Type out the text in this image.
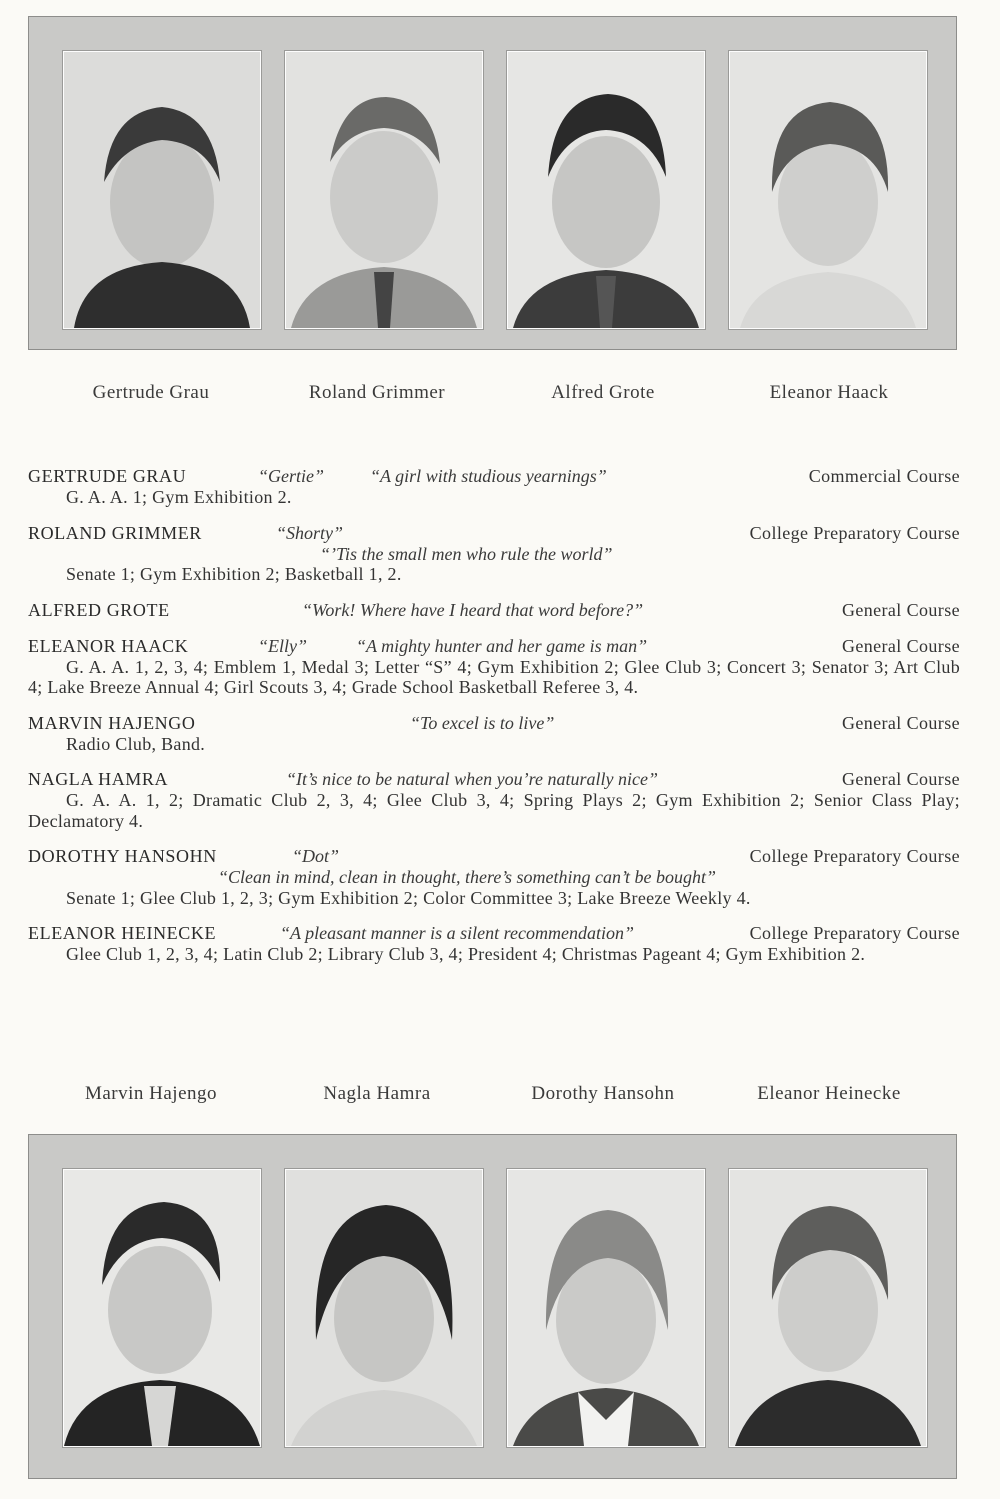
Gertrude Grau	Roland Grimmer	Alfred Grote	Eleanor Haack
GERTRUDE GRAU	“Gertie”	“A girl with studious yearnings”	Commercial Course
G. A. A. 1; Gym Exhibition 2.
ROLAND GRIMMER	“Shorty”	College Preparatory Course
“’Tis the small men who rule the world”
Senate 1; Gym Exhibition 2; Basketball 1, 2.
ALFRED GROTE	“Work! Where have I heard that word before?”	General Course
ELEANOR HAACK	“Elly”	“A mighty hunter and her game is man”	General Course
G. A. A. 1, 2, 3, 4; Emblem 1, Medal 3; Letter “S” 4; Gym Exhibition 2; Glee Club 3; Concert 3; Senator 3; Art Club 4; Lake Breeze Annual 4; Girl Scouts 3, 4; Grade School Basketball Referee 3, 4.
MARVIN HAJENGO	“To excel is to live”	General Course
Radio Club, Band.
NAGLA HAMRA	“It’s nice to be natural when you’re naturally nice”	General Course
G. A. A. 1, 2; Dramatic Club 2, 3, 4; Glee Club 3, 4; Spring Plays 2; Gym Exhibition 2; Senior Class Play; Declamatory 4.
DOROTHY HANSOHN	“Dot”	College Preparatory Course
“Clean in mind, clean in thought, there’s something can’t be bought”
Senate 1; Glee Club 1, 2, 3; Gym Exhibition 2; Color Committee 3; Lake Breeze Weekly 4.
ELEANOR HEINECKE	“A pleasant manner is a silent recommendation”	College Preparatory Course
Glee Club 1, 2, 3, 4; Latin Club 2; Library Club 3, 4; President 4; Christmas Pageant 4; Gym Exhibition 2.
Marvin Hajengo	Nagla Hamra	Dorothy Hansohn	Eleanor Heinecke
